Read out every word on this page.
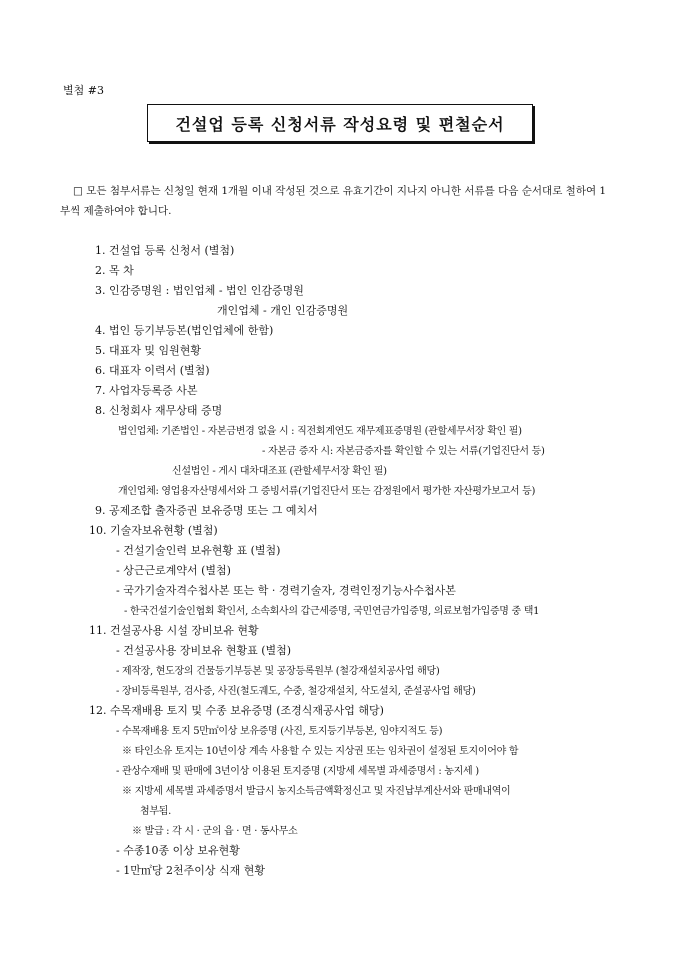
별첨 #3
건설업 등록 신청서류 작성요령 및 편철순서
□ 모든 첨부서류는 신청일 현재 1개월 이내 작성된 것으로 유효기간이 지나지 아니한 서류를 다음 순서대로 철하여 1
부씩 제출하여야 합니다.
1. 건설업 등록 신청서 (별첨)
2. 목 차
3. 인감증명원 : 법인업체 - 법인 인감증명원
개인업체 - 개인 인감증명원
4. 법인 등기부등본(법인업체에 한함)
5. 대표자 및 임원현황
6. 대표자 이력서 (별첨)
7. 사업자등록증 사본
8. 신청회사 재무상태 증명
법인업체: 기존법인 - 자본금변경 없을 시 : 직전회계연도 재무제표증명원 (관할세무서장 확인 필)
- 자본금 증자 시: 자본금증자를 확인할 수 있는 서류(기업진단서 등)
신설법인 - 게시 대차대조표 (관할세무서장 확인 필)
개인업체: 영업용자산명세서와 그 증빙서류(기업진단서 또는 감정원에서 평가한 자산평가보고서 등)
9. 공제조합 출자증권 보유증명 또는 그 예치서
10. 기술자보유현황 (별첨)
- 건설기술인력 보유현황 표 (별첨)
- 상근근로계약서 (별첨)
- 국가기술자격수첩사본 또는 학 · 경력기술자, 경력인정기능사수첩사본
- 한국건설기술인협회 확인서, 소속회사의 갑근세증명, 국민연금가입증명, 의료보험가입증명 중 택1
11. 건설공사용 시설 장비보유 현황
- 건설공사용 장비보유 현황표 (별첨)
- 제작장, 현도장의 건물등기부등본 및 공장등록원부 (철강재설치공사업 해당)
- 장비등록원부, 검사증, 사진(철도궤도, 수중, 철강재설치, 삭도설치, 준설공사업 해당)
12. 수목재배용 토지 및 수종 보유증명 (조경식재공사업 해당)
- 수목재배용 토지 5만㎡이상 보유증명 (사진, 토지등기부등본, 임야지적도 등)
※ 타인소유 토지는 10년이상 계속 사용할 수 있는 지상권 또는 임차권이 설정된 토지이어야 함
- 관상수재배 및 판매에 3년이상 이용된 토지증명 (지방세 세목별 과세증명서 : 농지세 )
※ 지방세 세목별 과세증명서 발급시 농지소득금액확정신고 및 자진납부계산서와 판매내역이
첨부됨.
※ 발급 : 각 시 · 군의 읍 · 면 · 동사무소
- 수종10종 이상 보유현황
- 1만㎡당 2천주이상 식재 현황
